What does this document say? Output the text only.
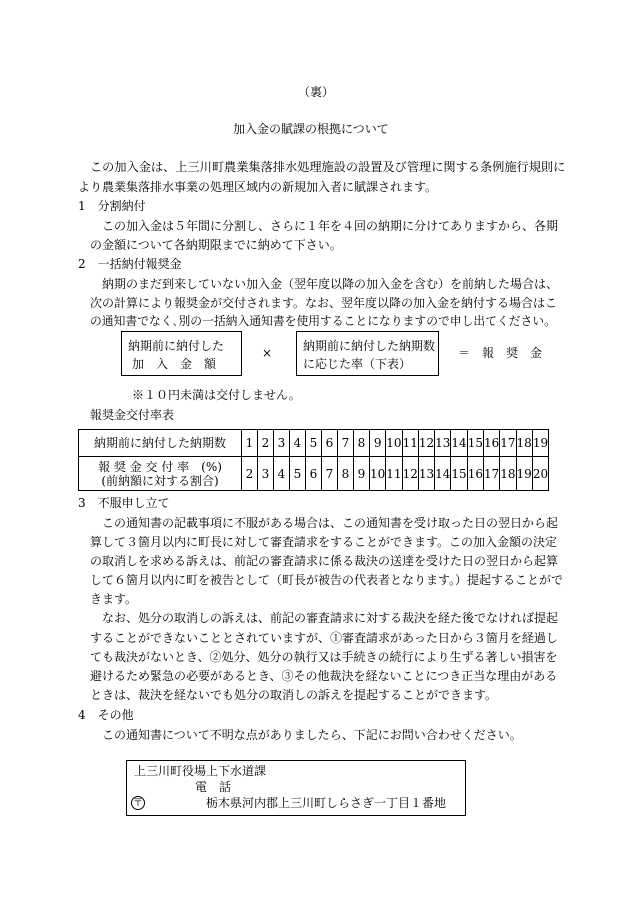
（裏）
加入金の賦課の根拠について
この加入金は、上三川町農業集落排水処理施設の設置及び管理に関する条例施行規則に
より農業集落排水事業の処理区域内の新規加入者に賦課されます。
1　分割納付
この加入金は５年間に分割し、さらに１年を４回の納期に分けてありますから、各期
の金額について各納期限までに納めて下さい。
2　一括納付報奨金
納期のまだ到来していない加入金（翌年度以降の加入金を含む）を前納した場合は、
次の計算により報奨金が交付されます。なお、翌年度以降の加入金を納付する場合はこ
の通知書でなく､別の一括納入通知書を使用することになりますので申し出てください。
納期前に納付した
加　入　金　額
×	納期前に納付した納期数
に応じた率（下表）
＝　報　奨　金
※１０円未満は交付しません。
報奨金交付率表
納期前に納付した納期数	1	2	3	4	5	6	7	8	9	10	11	12	13	14	15	16	17	18	19

報 奨 金 交 付 率　(%)
(前納額に対する割合)	2	3	4	5	6	7	8	9	10	11	12	13	14	15	16	17	18	19	20
3　不服申し立て
この通知書の記載事項に不服がある場合は、この通知書を受け取った日の翌日から起
算して３箇月以内に町長に対して審査請求をすることができます。この加入金額の決定
の取消しを求める訴えは、前記の審査請求に係る裁決の送達を受けた日の翌日から起算
して６箇月以内に町を被告として（町長が被告の代表者となります。）提起することがで
きます。
なお、処分の取消しの訴えは、前記の審査請求に対する裁決を経た後でなければ提起
することができないこととされていますが、①審査請求があった日から３箇月を経過し
ても裁決がないとき、②処分、処分の執行又は手続きの続行により生ずる著しい損害を
避けるため緊急の必要があるとき、③その他裁決を経ないことにつき正当な理由がある
ときは、裁決を経ないでも処分の取消しの訴えを提起することができます。
4　その他
この通知書について不明な点がありましたら、下記にお問い合わせください。
上三川町役場上下水道課
電　話
〒	栃木県河内郡上三川町しらさぎ一丁目１番地
